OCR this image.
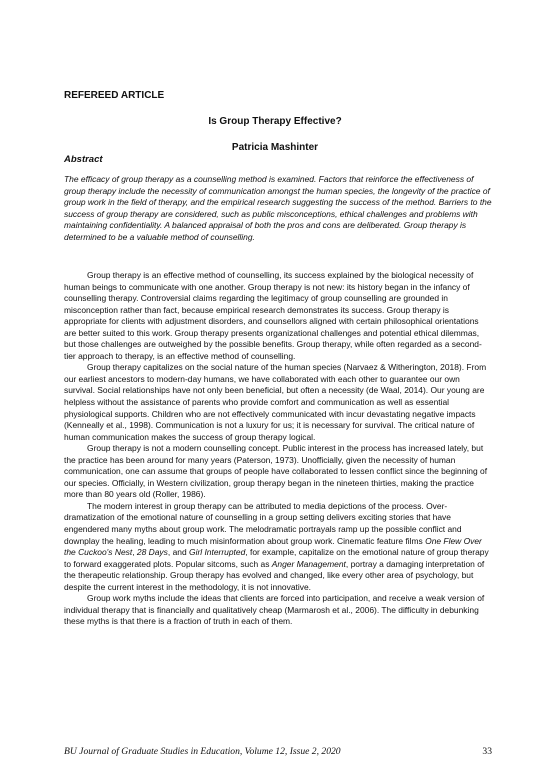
REFEREED ARTICLE
Is Group Therapy Effective?
Patricia Mashinter
Abstract

The efficacy of group therapy as a counselling method is examined. Factors that reinforce the effectiveness of group therapy include the necessity of communication amongst the human species, the longevity of the practice of group work in the field of therapy, and the empirical research suggesting the success of the method. Barriers to the success of group therapy are considered, such as public misconceptions, ethical challenges and problems with maintaining confidentiality. A balanced appraisal of both the pros and cons are deliberated. Group therapy is determined to be a valuable method of counselling.

Group therapy is an effective method of counselling, its success explained by the biological necessity of human beings to communicate with one another. Group therapy is not new: its history began in the infancy of counselling therapy. Controversial claims regarding the legitimacy of group counselling are grounded in misconception rather than fact, because empirical research demonstrates its success. Group therapy is appropriate for clients with adjustment disorders, and counsellors aligned with certain philosophical orientations are better suited to this work. Group therapy presents organizational challenges and potential ethical dilemmas, but those challenges are outweighed by the possible benefits. Group therapy, while often regarded as a second-tier approach to therapy, is an effective method of counselling.

Group therapy capitalizes on the social nature of the human species (Narvaez & Witherington, 2018). From our earliest ancestors to modern-day humans, we have collaborated with each other to guarantee our own survival. Social relationships have not only been beneficial, but often a necessity (de Waal, 2014). Our young are helpless without the assistance of parents who provide comfort and communication as well as essential physiological supports. Children who are not effectively communicated with incur devastating negative impacts (Kenneally et al., 1998). Communication is not a luxury for us; it is necessary for survival. The critical nature of human communication makes the success of group therapy logical.

Group therapy is not a modern counselling concept. Public interest in the process has increased lately, but the practice has been around for many years (Paterson, 1973). Unofficially, given the necessity of human communication, one can assume that groups of people have collaborated to lessen conflict since the beginning of our species. Officially, in Western civilization, group therapy began in the nineteen thirties, making the practice more than 80 years old (Roller, 1986).

The modern interest in group therapy can be attributed to media depictions of the process. Over-dramatization of the emotional nature of counselling in a group setting delivers exciting stories that have engendered many myths about group work. The melodramatic portrayals ramp up the possible conflict and downplay the healing, leading to much misinformation about group work. Cinematic feature films One Flew Over the Cuckoo's Nest, 28 Days, and Girl Interrupted, for example, capitalize on the emotional nature of group therapy to forward exaggerated plots. Popular sitcoms, such as Anger Management, portray a damaging interpretation of the therapeutic relationship. Group therapy has evolved and changed, like every other area of psychology, but despite the current interest in the methodology, it is not innovative.

Group work myths include the ideas that clients are forced into participation, and receive a weak version of individual therapy that is financially and qualitatively cheap (Marmarosh et al., 2006). The difficulty in debunking these myths is that there is a fraction of truth in each of them.

BU Journal of Graduate Studies in Education, Volume 12, Issue 2, 2020	33
